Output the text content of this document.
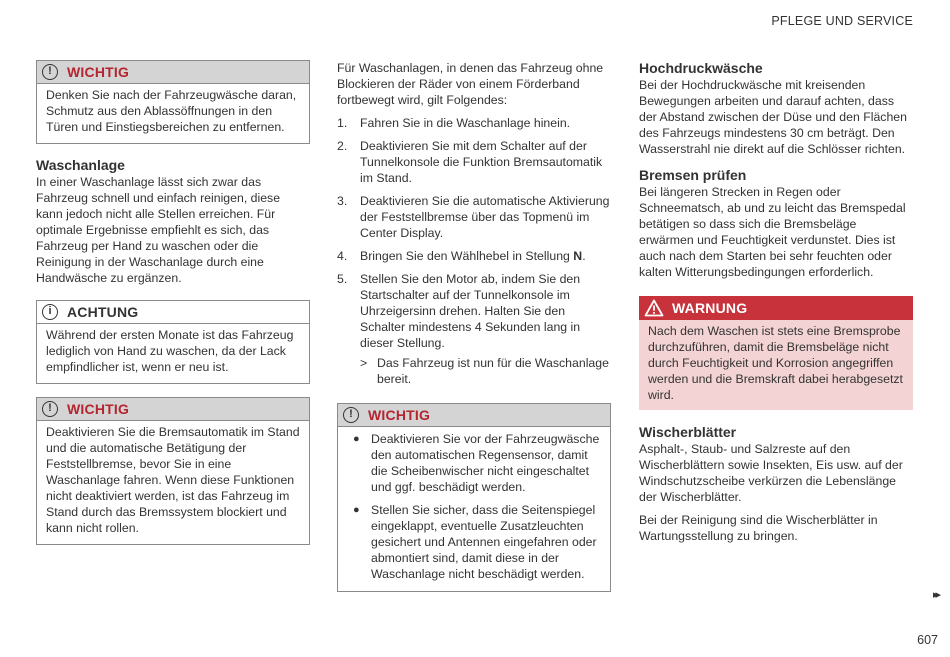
PFLEGE UND SERVICE
!	WICHTIG
Denken Sie nach der Fahrzeugwäsche daran, Schmutz aus den Ablassöffnungen in den Türen und Einstiegsbereichen zu entfernen.
Waschanlage

In einer Waschanlage lässt sich zwar das Fahrzeug schnell und einfach reinigen, diese kann jedoch nicht alle Stellen erreichen. Für optimale Ergebnisse empfiehlt es sich, das Fahrzeug per Hand zu waschen oder die Reinigung in der Waschanlage durch eine Handwäsche zu ergänzen.

i	ACHTUNG
Während der ersten Monate ist das Fahrzeug lediglich von Hand zu waschen, da der Lack empfindlicher ist, wenn er neu ist.
!	WICHTIG
Deaktivieren Sie die Bremsautomatik im Stand und die automatische Betätigung der Feststellbremse, bevor Sie in eine Waschanlage fahren. Wenn diese Funktionen nicht deaktiviert werden, ist das Fahrzeug im Stand durch das Bremssystem blockiert und kann nicht rollen.

Für Waschanlagen, in denen das Fahrzeug ohne Blockieren der Räder von einem Förderband fortbewegt wird, gilt Folgendes:

1. Fahren Sie in die Waschanlage hinein.
2. Deaktivieren Sie mit dem Schalter auf der Tunnelkonsole die Funktion Bremsautomatik im Stand.
3. Deaktivieren Sie die automatische Aktivierung der Feststellbremse über das Topmenü im Center Display.
4. Bringen Sie den Wählhebel in Stellung N.
5. Stellen Sie den Motor ab, indem Sie den Startschalter auf der Tunnelkonsole im Uhrzeigersinn drehen. Halten Sie den Schalter mindestens 4 Sekunden lang in dieser Stellung.
> Das Fahrzeug ist nun für die Waschanlage bereit.
!	WICHTIG
● Deaktivieren Sie vor der Fahrzeugwäsche den automatischen Regensensor, damit die Scheibenwischer nicht eingeschaltet und ggf. beschädigt werden.
● Stellen Sie sicher, dass die Seitenspiegel eingeklappt, eventuelle Zusatzleuchten gesichert und Antennen eingefahren oder abmontiert sind, damit diese in der Waschanlage nicht beschädigt werden.
Hochdruckwäsche

Bei der Hochdruckwäsche mit kreisenden Bewegungen arbeiten und darauf achten, dass der Abstand zwischen der Düse und den Flächen des Fahrzeugs mindestens 30 cm beträgt. Den Wasserstrahl nie direkt auf die Schlösser richten.

Bremsen prüfen

Bei längeren Strecken in Regen oder Schneematsch, ab und zu leicht das Bremspedal betätigen so dass sich die Bremsbeläge erwärmen und Feuchtigkeit verdunstet. Dies ist auch nach dem Starten bei sehr feuchten oder kalten Witterungsbedingungen erforderlich.

WARNUNG
Nach dem Waschen ist stets eine Bremsprobe durchzuführen, damit die Bremsbeläge nicht durch Feuchtigkeit und Korrosion angegriffen werden und die Bremskraft dabei herabgesetzt wird.
Wischerblätter

Asphalt-, Staub- und Salzreste auf den Wischerblättern sowie Insekten, Eis usw. auf der Windschutzscheibe verkürzen die Lebenslänge der Wischerblätter.

Bei der Reinigung sind die Wischerblätter in Wartungsstellung zu bringen.

▸▸
607
